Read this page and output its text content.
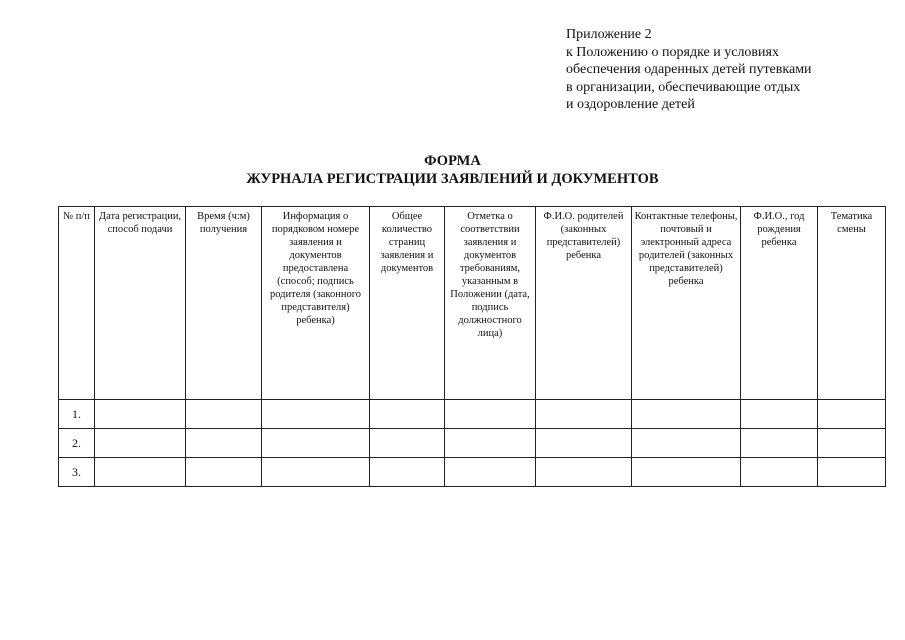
Приложение 2
к Положению о порядке и условиях
обеспечения одаренных детей путевками
в организации, обеспечивающие отдых
и оздоровление детей
ФОРМА
ЖУРНАЛА РЕГИСТРАЦИИ ЗАЯВЛЕНИЙ И ДОКУМЕНТОВ
№ п/п	Дата регистрации, способ подачи	Время (ч:м) получения	Информация о порядковом номере заявления и документов предоставлена (способ; подпись родителя (законного представителя) ребенка)	Общее количество страниц заявления и документов	Отметка о соответствии заявления и документов требованиям, указанным в Положении (дата, подпись должностного лица)	Ф.И.О. родителей (законных представителей) ребенка	Контактные телефоны, почтовый и электронный адреса родителей (законных представителей) ребенка	Ф.И.О., год рождения ребенка	Тематика смены
1.									
2.									
3.									
